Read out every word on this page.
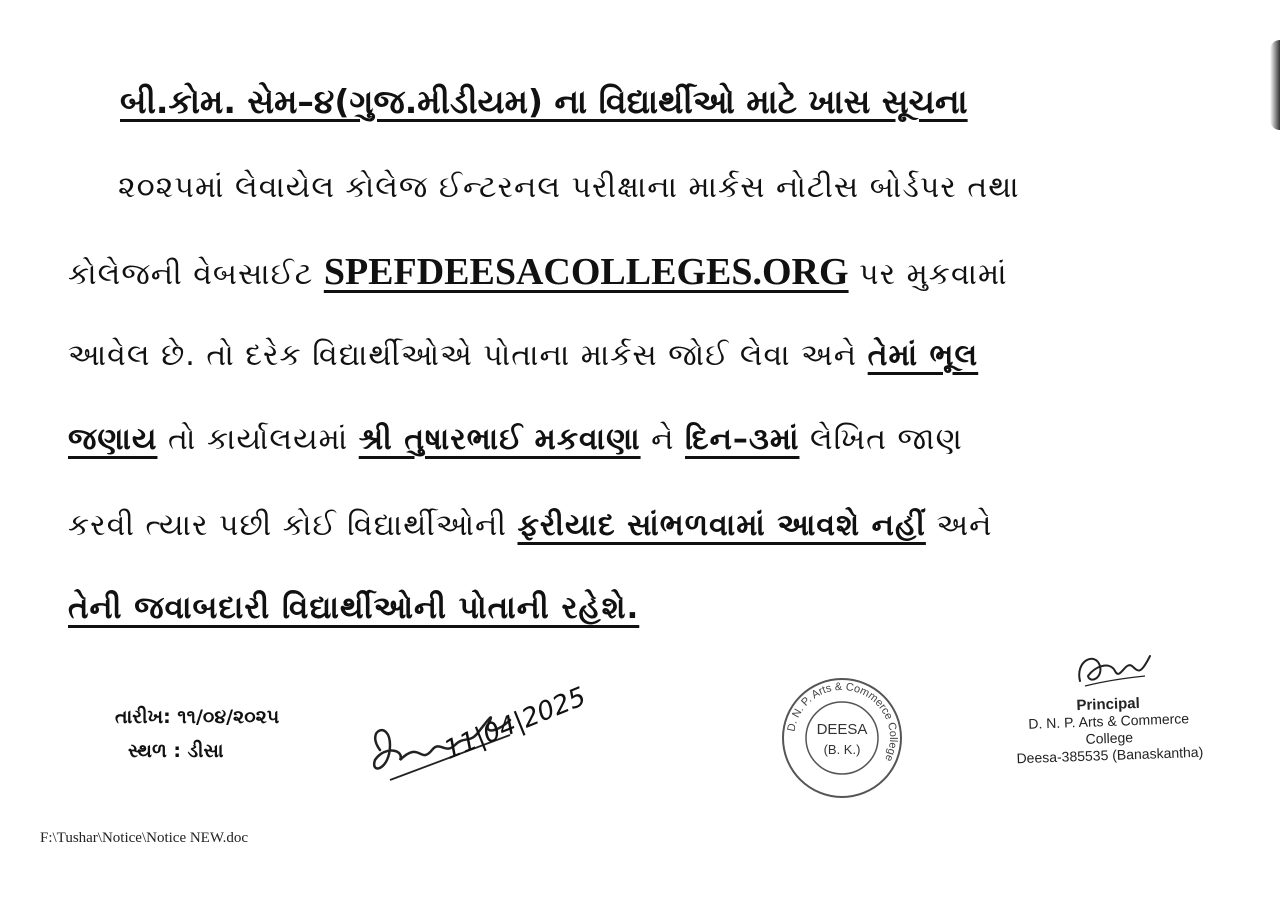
બી.કોમ. સેમ–૪(ગુજ.મીડીયમ) ના વિદ્યાર્થીઓ માટે ખાસ સૂચના
૨૦૨૫માં લેવાયેલ કોલેજ ઈન્ટરનલ પરીક્ષાના માર્કસ નોટીસ બોર્ડપર તથા
કોલેજની વેબસાઈટ SPEFDEESACOLLEGES.ORG પર મુકવામાં
આવેલ છે. તો દરેક વિદ્યાર્થીઓએ પોતાના માર્કસ જોઈ લેવા અને તેમાં ભૂલ
જણાય તો કાર્યાલયમાં શ્રી તુષારભાઈ મકવાણા ને દિન–૩માં લેખિત જાણ
કરવી ત્યાર પછી કોઈ વિદ્યાર્થીઓની ફરીયાદ સાંભળવામાં આવશે નહીં અને
તેની જવાબદારી વિદ્યાર્થીઓની પોતાની રહેશે.
તારીખ: ૧૧/૦૪/૨૦૨૫
સ્થળ : ડીસા	11|04|2025	D. N. P. Arts & Commerce College
DEESA
(B. K.)
Principal
D. N. P. Arts & Commerce College
Deesa-385535 (Banaskantha)
F:\Tushar\Notice\Notice NEW.doc
